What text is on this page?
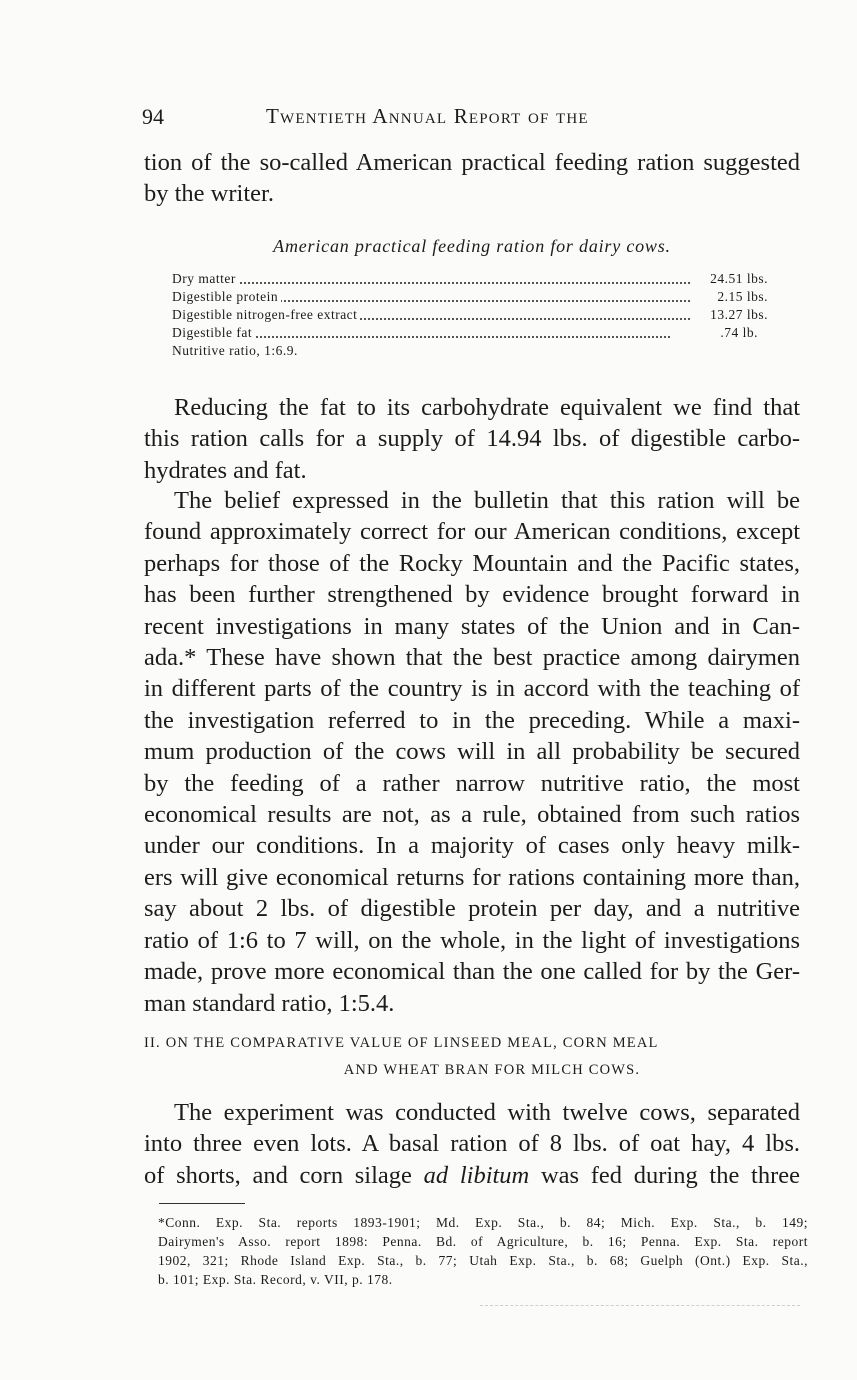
94	Twentieth Annual Report of the
tion of the so-called American practical feeding ration suggested
by the writer.
American practical feeding ration for dairy cows.
Dry matter	24.51 lbs.
Digestible protein	2.15 lbs.
Digestible nitrogen-free extract	13.27 lbs.
Digestible fat	.74 lb.
Nutritive ratio, 1:6.9.
Reducing the fat to its carbohydrate equivalent we find that
this ration calls for a supply of 14.94 lbs. of digestible carbo-
hydrates and fat.
The belief expressed in the bulletin that this ration will be
found approximately correct for our American conditions, except
perhaps for those of the Rocky Mountain and the Pacific states,
has been further strengthened by evidence brought forward in
recent investigations in many states of the Union and in Can-
ada.* These have shown that the best practice among dairymen
in different parts of the country is in accord with the teaching of
the investigation referred to in the preceding. While a maxi-
mum production of the cows will in all probability be secured
by the feeding of a rather narrow nutritive ratio, the most
economical results are not, as a rule, obtained from such ratios
under our conditions. In a majority of cases only heavy milk-
ers will give economical returns for rations containing more than,
say about 2 lbs. of digestible protein per day, and a nutritive
ratio of 1:6 to 7 will, on the whole, in the light of investigations
made, prove more economical than the one called for by the Ger-
man standard ratio, 1:5.4.
II. ON THE COMPARATIVE VALUE OF LINSEED MEAL, CORN MEAL
AND WHEAT BRAN FOR MILCH COWS.
The experiment was conducted with twelve cows, separated
into three even lots. A basal ration of 8 lbs. of oat hay, 4 lbs.
of shorts, and corn silage ad libitum was fed during the three
*Conn. Exp. Sta. reports 1893-1901; Md. Exp. Sta., b. 84; Mich. Exp. Sta., b. 149;
Dairymen's Asso. report 1898: Penna. Bd. of Agriculture, b. 16; Penna. Exp. Sta. report
1902, 321; Rhode Island Exp. Sta., b. 77; Utah Exp. Sta., b. 68; Guelph (Ont.) Exp. Sta.,
b. 101; Exp. Sta. Record, v. VII, p. 178.
